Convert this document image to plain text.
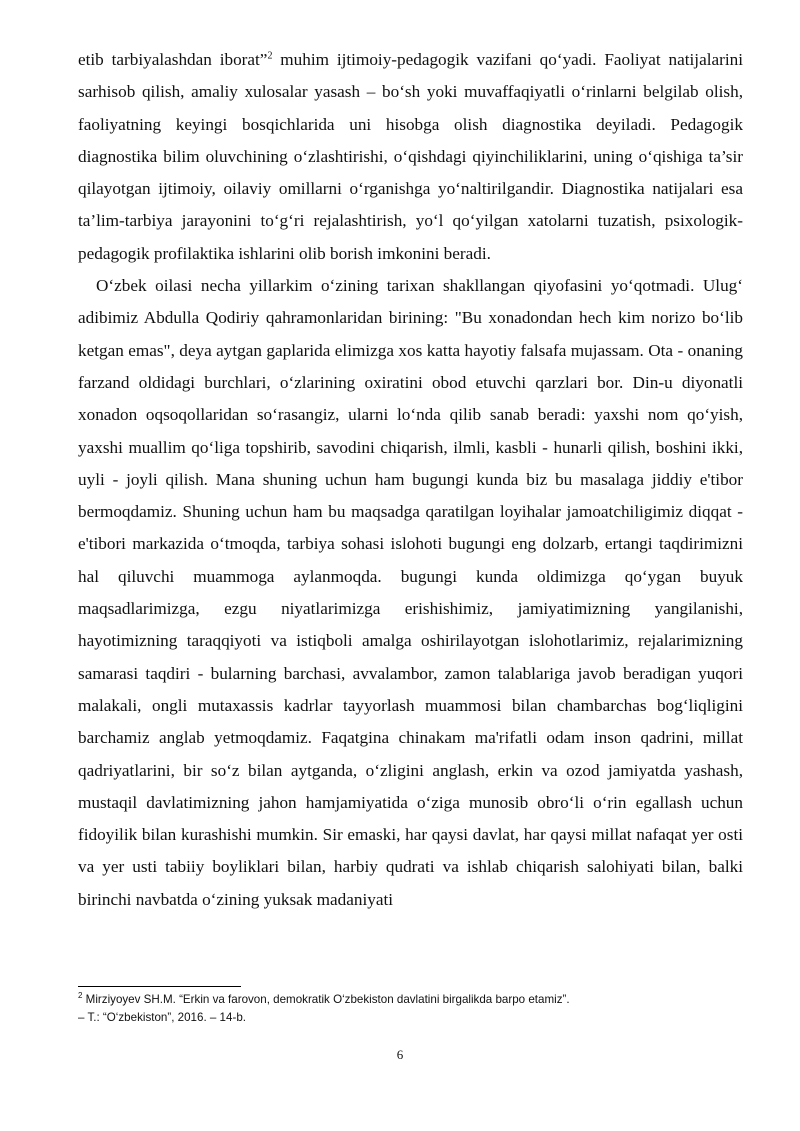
etib tarbiyalashdan iborat”$^2$ muhim ijtimoiy-pedagogik vazifani qo‘yadi. Faoliyat natijalarini sarhisob qilish, amaliy xulosalar yasash – bo‘sh yoki muvaffaqiyatli o‘rinlarni belgilab olish, faoliyatning keyingi bosqichlarida uni hisobga olish diagnostika deyiladi. Pedagogik diagnostika bilim oluvchining o‘zlashtirishi, o‘qishdagi qiyinchiliklarini, uning o‘qishiga ta’sir qilayotgan ijtimoiy, oilaviy omillarni o‘rganishga yo‘naltirilgandir. Diagnostika natijalari esa ta’lim-tarbiya jarayonini to‘g‘ri rejalashtirish, yo‘l qo‘yilgan xatolarni tuzatish, psixologik-pedagogik profilaktika ishlarini olib borish imkonini beradi.

O‘zbek oilasi necha yillarkim o‘zining tarixan shakllangan qiyofasini yo‘qotmadi. Ulug‘ adibimiz Abdulla Qodiriy qahramonlaridan birining: "Bu xonadondan hech kim norizo bo‘lib ketgan emas", deya aytgan gaplarida elimizga xos katta hayotiy falsafa mujassam. Ota - onaning farzand oldidagi burchlari, o‘zlarining oxiratini obod etuvchi qarzlari bor. Din-u diyonatli xonadon oqsoqollaridan so‘rasangiz, ularni lo‘nda qilib sanab beradi: yaxshi nom qo‘yish, yaxshi muallim qo‘liga topshirib, savodini chiqarish, ilmli, kasbli - hunarli qilish, boshini ikki, uyli - joyli qilish. Mana shuning uchun ham bugungi kunda biz bu masalaga jiddiy e'tibor bermoqdamiz. Shuning uchun ham bu maqsadga qaratilgan loyihalar jamoatchiligimiz diqqat - e'tibori markazida o‘tmoqda, tarbiya sohasi islohoti bugungi eng dolzarb, ertangi taqdirimizni hal qiluvchi muammoga aylanmoqda. bugungi kunda oldimizga qo‘ygan buyuk maqsadlarimizga, ezgu niyatlarimizga erishishimiz, jamiyatimizning yangilanishi, hayotimizning taraqqiyoti va istiqboli amalga oshirilayotgan islohotlarimiz, rejalarimizning samarasi taqdiri - bularning barchasi, avvalambor, zamon talablariga javob beradigan yuqori malakali, ongli mutaxassis kadrlar tayyorlash muammosi bilan chambarchas bog‘liqligini barchamiz anglab yetmoqdamiz. Faqatgina chinakam ma'rifatli odam inson qadrini, millat qadriyatlarini, bir so‘z bilan aytganda, o‘zligini anglash, erkin va ozod jamiyatda yashash, mustaqil davlatimizning jahon hamjamiyatida o‘ziga munosib obro‘li o‘rin egallash uchun fidoyilik bilan kurashishi mumkin. Sir emaski, har qaysi davlat, har qaysi millat nafaqat yer osti va yer usti tabiiy boyliklari bilan, harbiy qudrati va ishlab chiqarish salohiyati bilan, balki birinchi navbatda o‘zining yuksak madaniyati

$^2$ Mirziyoyev SH.M. “Erkin va farovon, demokratik O‘zbekiston davlatini birgalikda barpo etamiz”.
– T.: “O‘zbekiston”, 2016. – 14-b.
6
